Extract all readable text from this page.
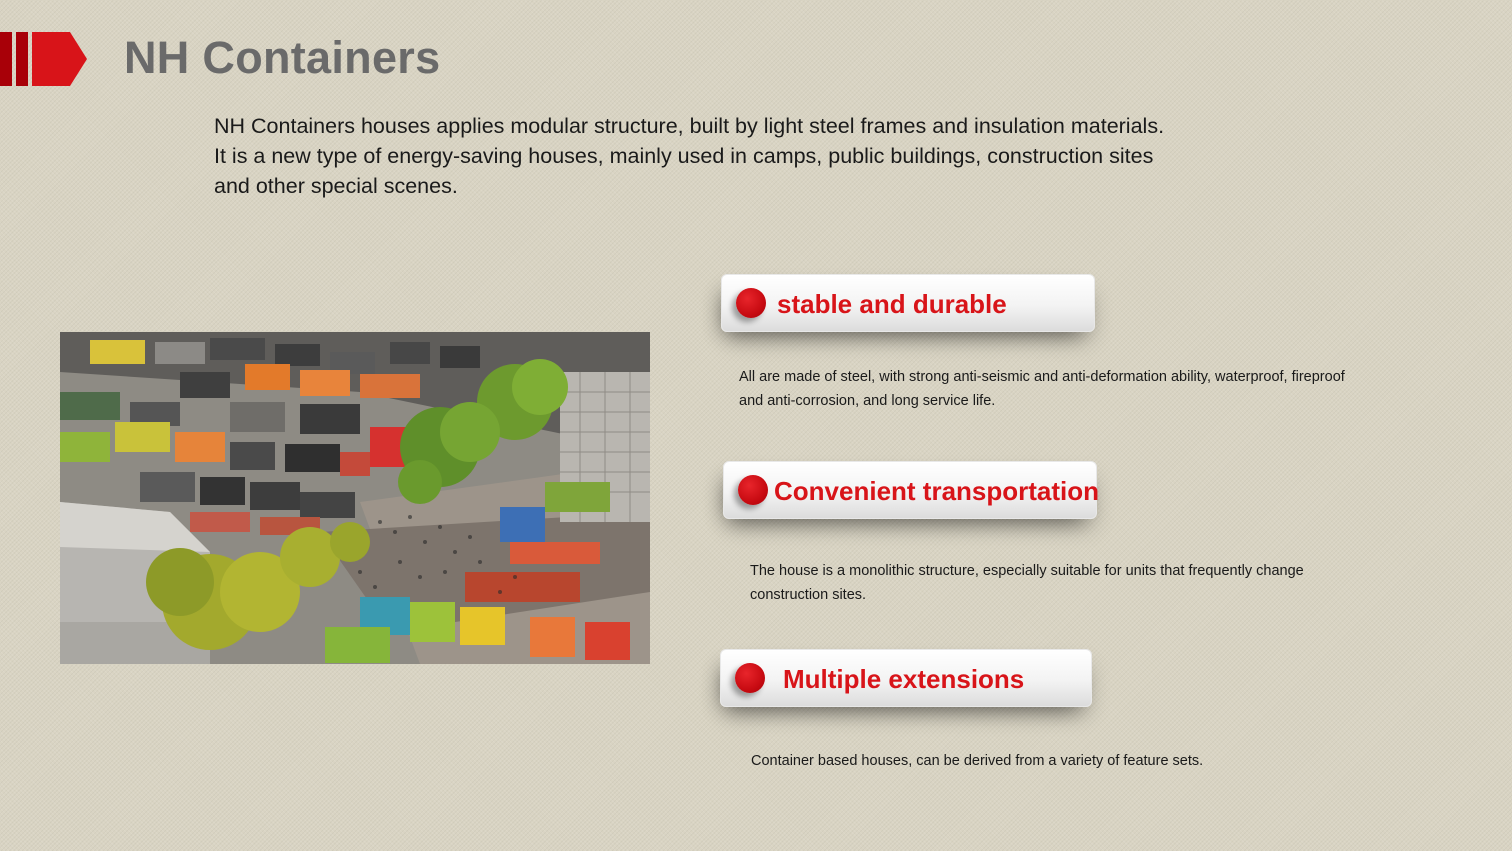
NH Containers

NH Containers houses applies modular structure, built by light steel frames and insulation materials.

It is a new type of energy-saving houses, mainly used in camps, public buildings, construction sites

and other special scenes.

stable and durable
All are made of steel, with strong anti-seismic and anti-deformation ability, waterproof, fireproof
and anti-corrosion, and long service life.
Convenient transportation
The house is a monolithic structure, especially suitable for units that frequently change
construction sites.
Multiple extensions
Container based houses, can be derived from a variety of feature sets.
